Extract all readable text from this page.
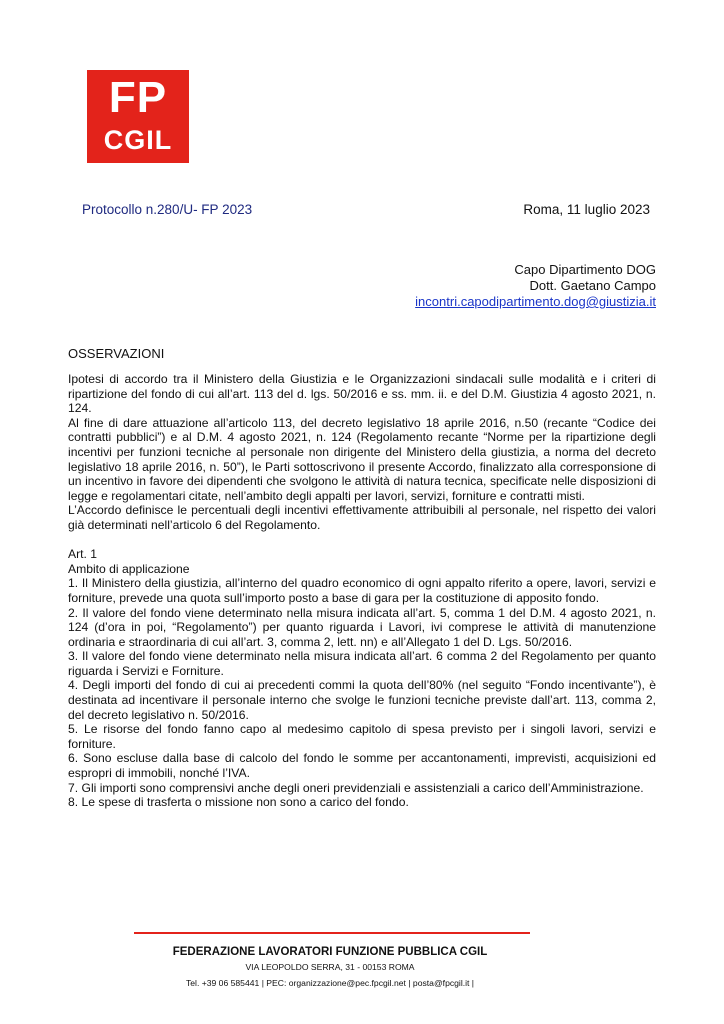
FP
CGIL
Protocollo n.280/U- FP 2023	Roma, 11 luglio 2023
Capo Dipartimento DOG
Dott. Gaetano Campo
incontri.capodipartimento.dog@giustizia.it
OSSERVAZIONI

Ipotesi di accordo tra il Ministero della Giustizia e le Organizzazioni sindacali sulle modalità e i criteri di ripartizione del fondo di cui all’art. 113 del d. lgs. 50/2016 e ss. mm. ii. e del D.M. Giustizia 4 agosto 2021, n. 124.

Al fine di dare attuazione all’articolo 113, del decreto legislativo 18 aprile 2016, n.50 (recante “Codice dei contratti pubblici”) e al D.M. 4 agosto 2021, n. 124 (Regolamento recante “Norme per la ripartizione degli incentivi per funzioni tecniche al personale non dirigente del Ministero della giustizia, a norma del decreto legislativo 18 aprile 2016, n. 50”), le Parti sottoscrivono il presente Accordo, finalizzato alla corresponsione di un incentivo in favore dei dipendenti che svolgono le attività di natura tecnica, specificate nelle disposizioni di legge e regolamentari citate, nell’ambito degli appalti per lavori, servizi, forniture e contratti misti.

L’Accordo definisce le percentuali degli incentivi effettivamente attribuibili al personale, nel rispetto dei valori già determinati nell’articolo 6 del Regolamento.

Art. 1

Ambito di applicazione

1. Il Ministero della giustizia, all’interno del quadro economico di ogni appalto riferito a opere, lavori, servizi e forniture, prevede una quota sull’importo posto a base di gara per la costituzione di apposito fondo.

2. Il valore del fondo viene determinato nella misura indicata all’art. 5, comma 1 del D.M. 4 agosto 2021, n. 124 (d’ora in poi, “Regolamento”) per quanto riguarda i Lavori, ivi comprese le attività di manutenzione ordinaria e straordinaria di cui all’art. 3, comma 2, lett. nn) e all’Allegato 1 del D. Lgs. 50/2016.

3. Il valore del fondo viene determinato nella misura indicata all’art. 6 comma 2 del Regolamento per quanto riguarda i Servizi e Forniture.

4. Degli importi del fondo di cui ai precedenti commi la quota dell’80% (nel seguito “Fondo incentivante”), è destinata ad incentivare il personale interno che svolge le funzioni tecniche previste dall’art. 113, comma 2, del decreto legislativo n. 50/2016.

5. Le risorse del fondo fanno capo al medesimo capitolo di spesa previsto per i singoli lavori, servizi e forniture.

6. Sono escluse dalla base di calcolo del fondo le somme per accantonamenti, imprevisti, acquisizioni ed espropri di immobili, nonché l’IVA.

7. Gli importi sono comprensivi anche degli oneri previdenziali e assistenziali a carico dell’Amministrazione.

8. Le spese di trasferta o missione non sono a carico del fondo.

FEDERAZIONE LAVORATORI FUNZIONE PUBBLICA CGIL
VIA LEOPOLDO SERRA, 31 - 00153 ROMA
Tel. +39 06 585441 | PEC: organizzazione@pec.fpcgil.net | posta@fpcgil.it |
